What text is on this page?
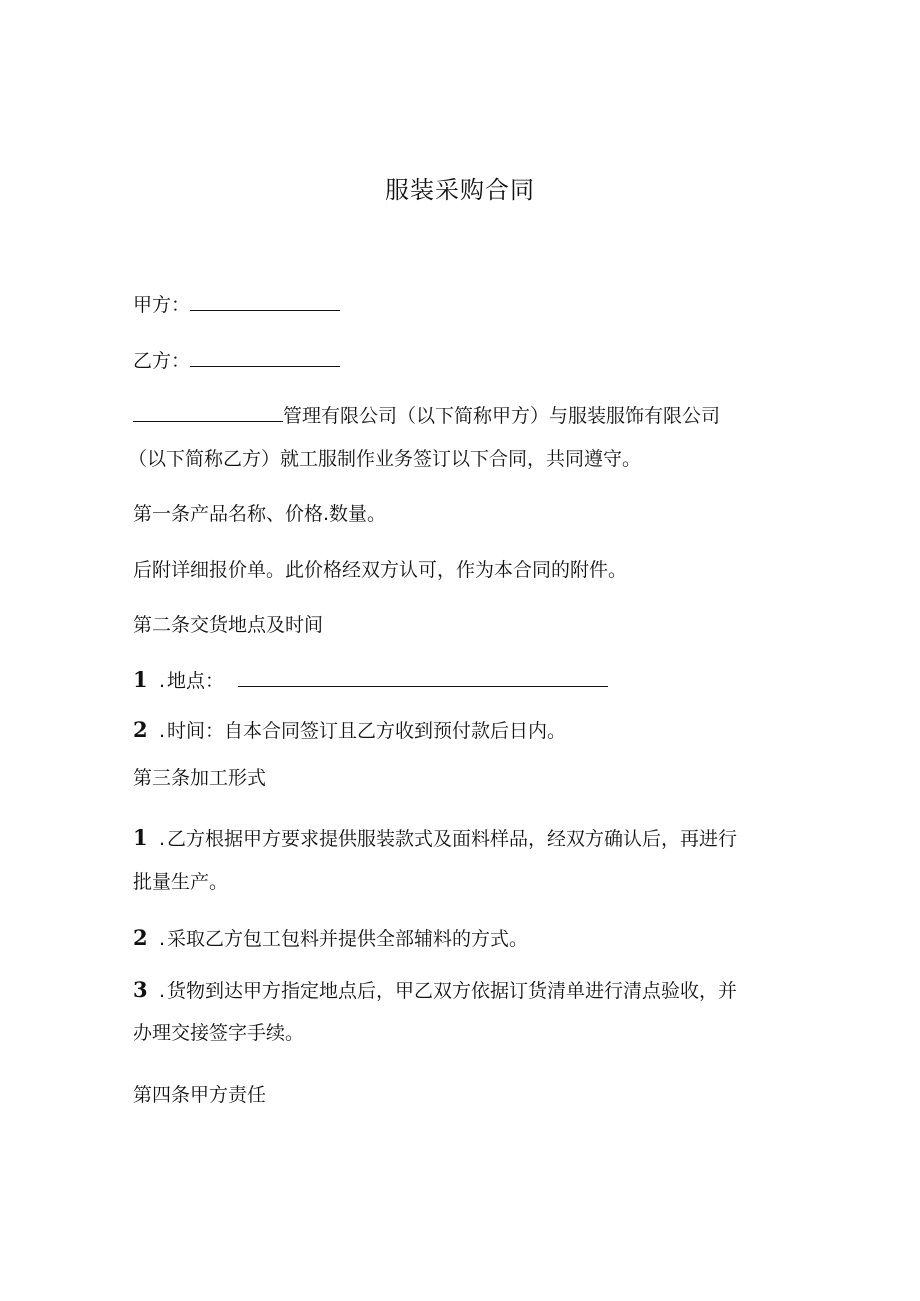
服装采购合同
甲方：
乙方：
管理有限公司（以下简称甲方）与服装服饰有限公司
（以下简称乙方）就工服制作业务签订以下合同，共同遵守。
第一条产品名称、价格.数量。
后附详细报价单。此价格经双方认可，作为本合同的附件。
第二条交货地点及时间
1 . 地点：
2 . 时间：自本合同签订且乙方收到预付款后日内。
第三条加工形式
1 . 乙方根据甲方要求提供服装款式及面料样品，经双方确认后，再进行
批量生产。
2 . 采取乙方包工包料并提供全部辅料的方式。
3 . 货物到达甲方指定地点后，甲乙双方依据订货清单进行清点验收，并
办理交接签字手续。
第四条甲方责任
